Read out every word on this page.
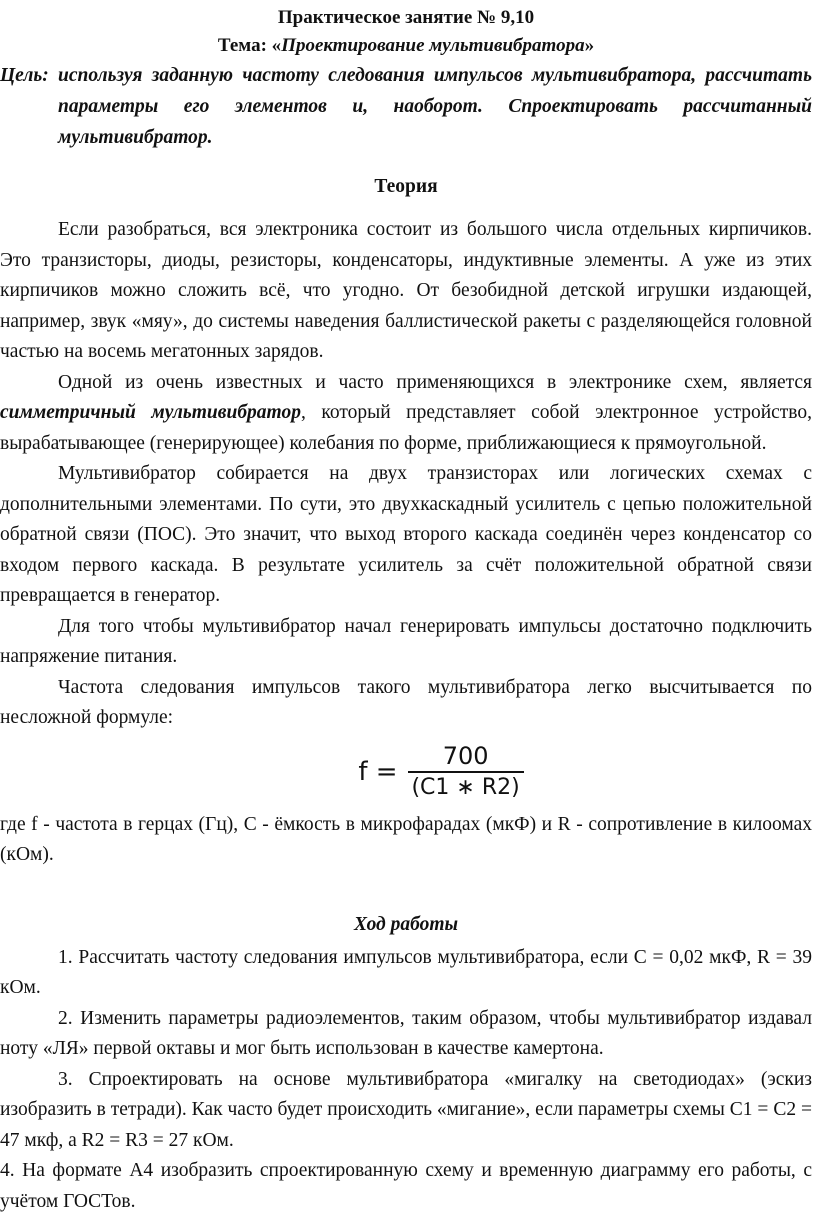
Практическое занятие № 9,10

Тема: «Проектирование мультивибратора»

Цель: используя заданную частоту следования импульсов мультивибратора, рассчитать параметры его элементов и, наоборот. Спроектировать рассчитанный мультивибратор.

Теория

Если разобраться, вся электроника состоит из большого числа отдельных кирпичиков. Это транзисторы, диоды, резисторы, конденсаторы, индуктивные элементы. А уже из этих кирпичиков можно сложить всё, что угодно. От безобидной детской игрушки издающей, например, звук «мяу», до системы наведения баллистической ракеты с разделяющейся головной частью на восемь мегатонных зарядов.

Одной из очень известных и часто применяющихся в электронике схем, является симметричный мультивибратор, который представляет собой электронное устройство, вырабатывающее (генерирующее) колебания по форме, приближающиеся к прямоугольной.

Мультивибратор собирается на двух транзисторах или логических схемах с дополнительными элементами. По сути, это двухкаскадный усилитель с цепью положительной обратной связи (ПОС). Это значит, что выход второго каскада соединён через конденсатор со входом первого каскада. В результате усилитель за счёт положительной обратной связи превращается в генератор.

Для того чтобы мультивибратор начал генерировать импульсы достаточно подключить напряжение питания.

Частота следования импульсов такого мультивибратора легко высчитывается по несложной формуле:

$f = \frac{700}{(C1 ∗ R2)}$

где f - частота в герцах (Гц), С - ёмкость в микрофарадах (мкФ) и R - сопротивление в килоомах (кОм).

Ход работы

1. Рассчитать частоту следования импульсов мультивибратора, если С = 0,02 мкФ, R = 39 кОм.

2. Изменить параметры радиоэлементов, таким образом, чтобы мультивибратор издавал ноту «ЛЯ» первой октавы и мог быть использован в качестве камертона.

3. Спроектировать на основе мультивибратора «мигалку на светодиодах» (эскиз изобразить в тетради). Как часто будет происходить «мигание», если параметры схемы С1 = С2 = 47 мкф, а R2 = R3 = 27 кОм.

4. На формате А4 изобразить спроектированную схему и временную диаграмму его работы, с учётом ГОСТов.
